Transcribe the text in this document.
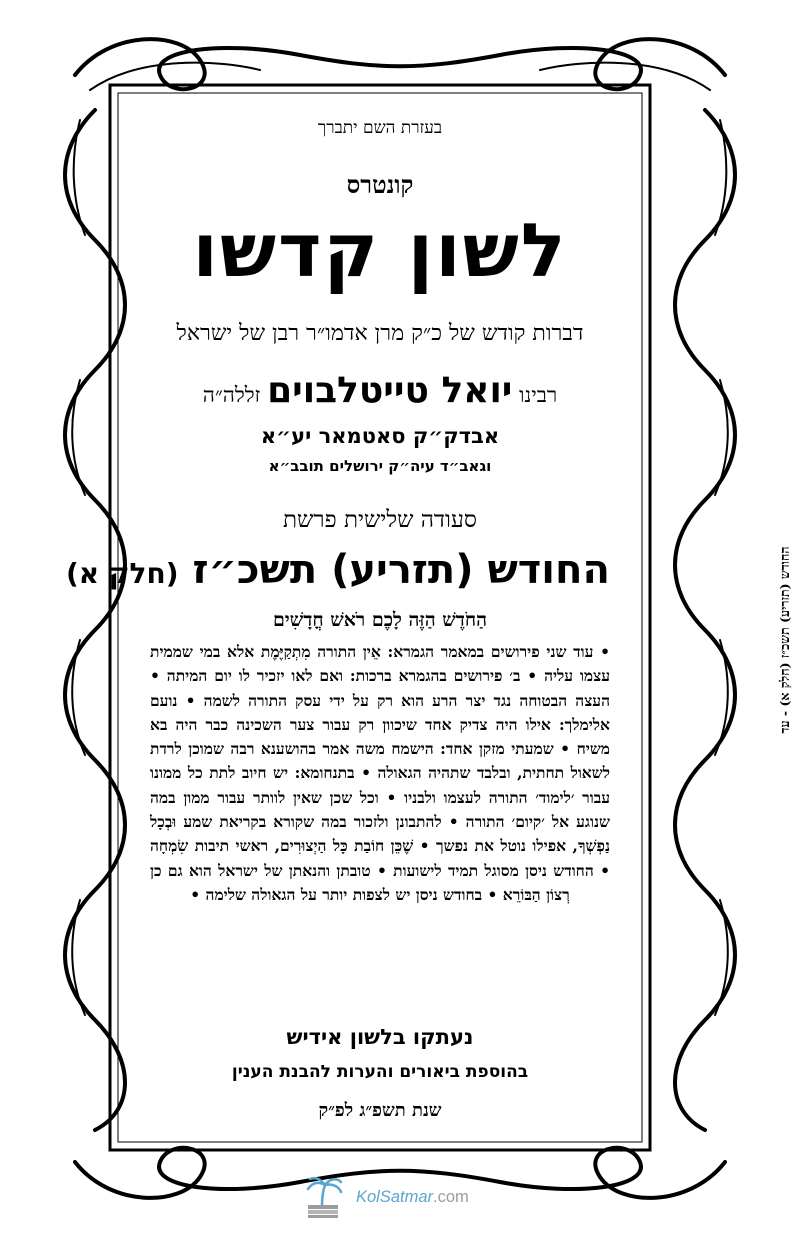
בעזרת השם יתברך
קונטרס
לשון קדשו
דברות קודש של כ״ק מרן אדמו״ר רבן של ישראל
רבינו יואל טייטלבוים זללה״ה
אבדק״ק סאטמאר יע״א
וגאב״ד עיה״ק ירושלים תובב״א
סעודה שלישית פרשת
החודש (תזריע) תשכ״ז (חלק א)
הַחֹדֶשׁ הַזֶּה לָכֶם רֹאשׁ חֳדָשִׁים
• עוד שני פירושים במאמר הגמרא: אֵין התורה מִתְקַיֶּמֶת אלא במי שממית עצמו עליה • ב׳ פירושים בהגמרא ברכות: ואם לאו יזכיר לו יום המיתה • העצה הבטוחה נגד יצר הרע הוא רק על ידי עסק התורה לשמה • נועם אלימלך: אילו היה צדיק אחד שיכוון רק עבור צער השכינה כבר היה בא משיח • שמעתי מזקן אחד: הישמח משה אמר בהושענא רבה שמוכן לרדת לשאול תחתית, ובלבד שתהיה הגאולה • בתנחומא: יש חיוב לתת כל ממונו עבור ׳לימוד׳ התורה לעצמו ולבניו • וכל שכן שאין לוותר עבור ממון במה שנוגע אל ׳קיום׳ התורה • להתבונן ולזכור במה שקורא בקריאת שמע וּבְכָל נַפְשְׁךָ, אפילו נוטל את נפשך • שֶׁכֵּן חוֹבַת כָּל הַיְצוּרִים, ראשי תיבות שִׂמְחָה • החודש ניסן מסוגל תמיד לישועות • טובתן והנאתן של ישראל הוא גם כן רְצוֹן הַבּוֹרֵא • בחודש ניסן יש לצפות יותר על הגאולה שלימה •
נעתקו בלשון אידיש
בהוספת ביאורים והערות להבנת הענין
שנת תשפ״ג לפ״ק
החודש (תזריע) תשכ״ז (חלק א) - עד
KolSatmar.com
